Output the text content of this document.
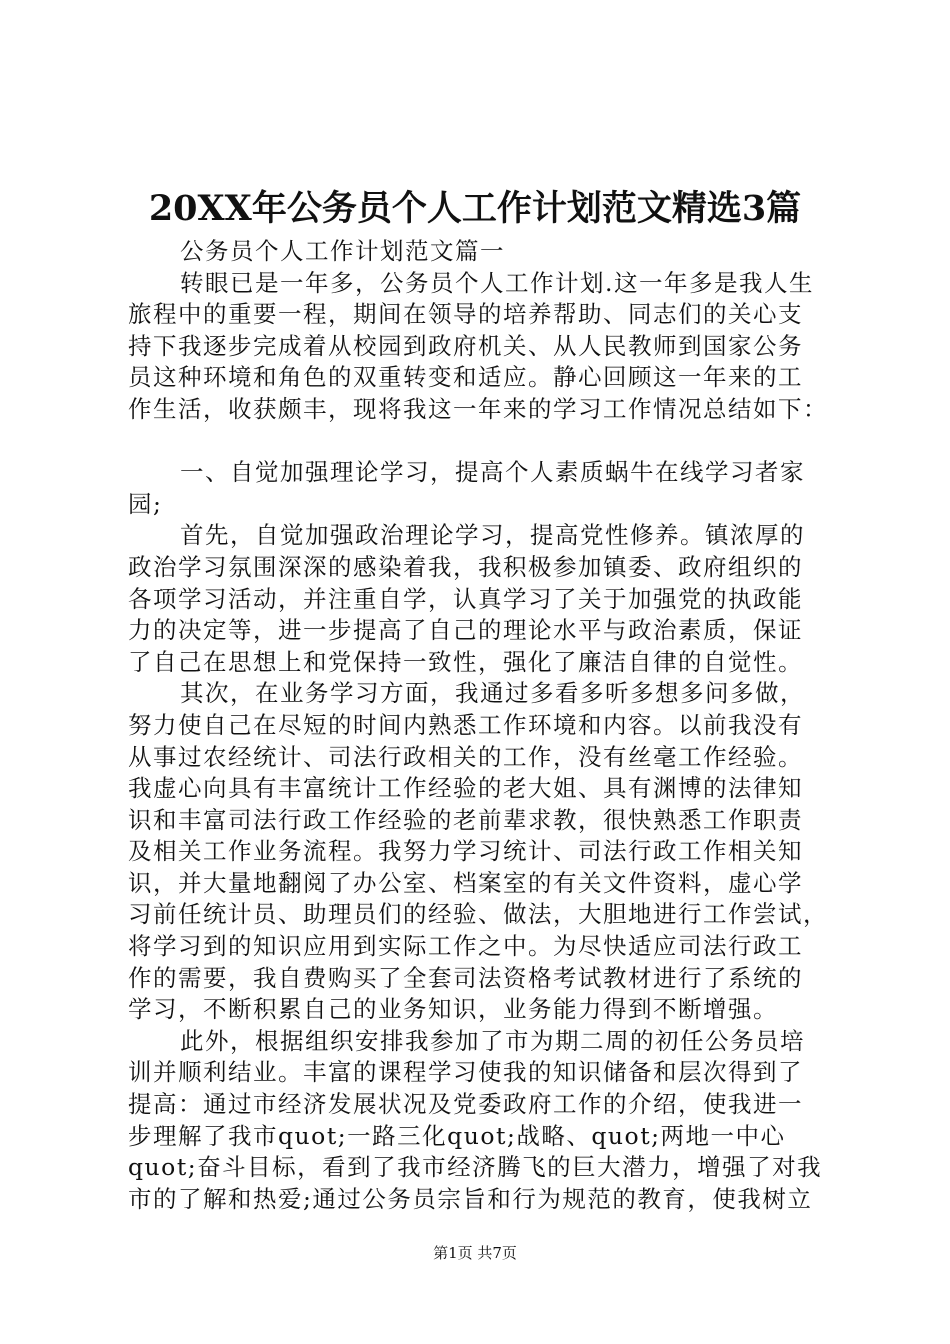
20XX年公务员个人工作计划范文精选3篇
公务员个人工作计划范文篇一
转眼已是一年多，公务员个人工作计划.这一年多是我人生
旅程中的重要一程，期间在领导的培养帮助、同志们的关心支
持下我逐步完成着从校园到政府机关、从人民教师到国家公务
员这种环境和角色的双重转变和适应。静心回顾这一年来的工
作生活，收获颇丰，现将我这一年来的学习工作情况总结如下：
一、自觉加强理论学习，提高个人素质蜗牛在线学习者家
园;
首先，自觉加强政治理论学习，提高党性修养。镇浓厚的
政治学习氛围深深的感染着我，我积极参加镇委、政府组织的
各项学习活动，并注重自学，认真学习了关于加强党的执政能
力的决定等，进一步提高了自己的理论水平与政治素质，保证
了自己在思想上和党保持一致性，强化了廉洁自律的自觉性。
其次，在业务学习方面，我通过多看多听多想多问多做，
努力使自己在尽短的时间内熟悉工作环境和内容。以前我没有
从事过农经统计、司法行政相关的工作，没有丝毫工作经验。
我虚心向具有丰富统计工作经验的老大姐、具有渊博的法律知
识和丰富司法行政工作经验的老前辈求教，很快熟悉工作职责
及相关工作业务流程。我努力学习统计、司法行政工作相关知
识，并大量地翻阅了办公室、档案室的有关文件资料，虚心学
习前任统计员、助理员们的经验、做法，大胆地进行工作尝试，
将学习到的知识应用到实际工作之中。为尽快适应司法行政工
作的需要，我自费购买了全套司法资格考试教材进行了系统的
学习，不断积累自己的业务知识，业务能力得到不断增强。
此外，根据组织安排我参加了市为期二周的初任公务员培
训并顺利结业。丰富的课程学习使我的知识储备和层次得到了
提高：通过市经济发展状况及党委政府工作的介绍，使我进一
步理解了我市quot;一路三化quot;战略、quot;两地一中心
quot;奋斗目标，看到了我市经济腾飞的巨大潜力，增强了对我
市的了解和热爱;通过公务员宗旨和行为规范的教育，使我树立
第1页 共7页
